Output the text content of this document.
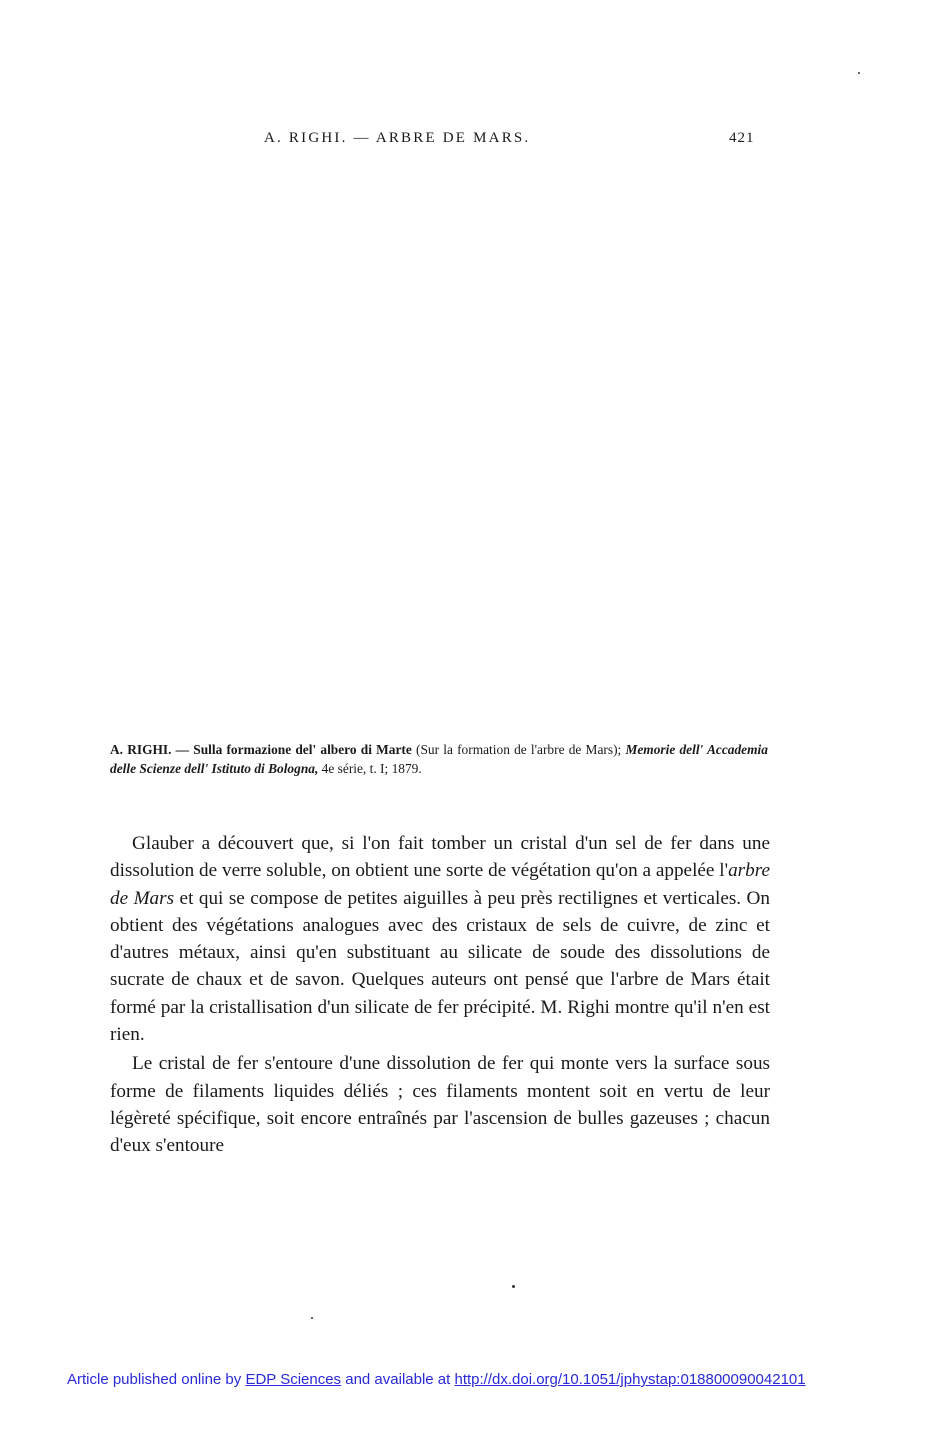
A. RIGHI. — ARBRE DE MARS.	421
A. RIGHI. — Sulla formazione del' albero di Marte (Sur la formation de l'arbre de Mars); Memorie dell' Accademia delle Scienze dell' Istituto di Bologna, 4e série, t. I; 1879.

Glauber a découvert que, si l'on fait tomber un cristal d'un sel de fer dans une dissolution de verre soluble, on obtient une sorte de végétation qu'on a appelée l'arbre de Mars et qui se compose de petites aiguilles à peu près rectilignes et verticales. On obtient des végétations analogues avec des cristaux de sels de cuivre, de zinc et d'autres métaux, ainsi qu'en substituant au silicate de soude des dissolutions de sucrate de chaux et de savon. Quelques auteurs ont pensé que l'arbre de Mars était formé par la cristallisation d'un silicate de fer précipité. M. Righi montre qu'il n'en est rien.

Le cristal de fer s'entoure d'une dissolution de fer qui monte vers la surface sous forme de filaments liquides déliés ; ces filaments montent soit en vertu de leur légèreté spécifique, soit encore entraînés par l'ascension de bulles gazeuses ; chacun d'eux s'entoure

Article published online by EDP Sciences and available at http://dx.doi.org/10.1051/jphystap:018800090042101
